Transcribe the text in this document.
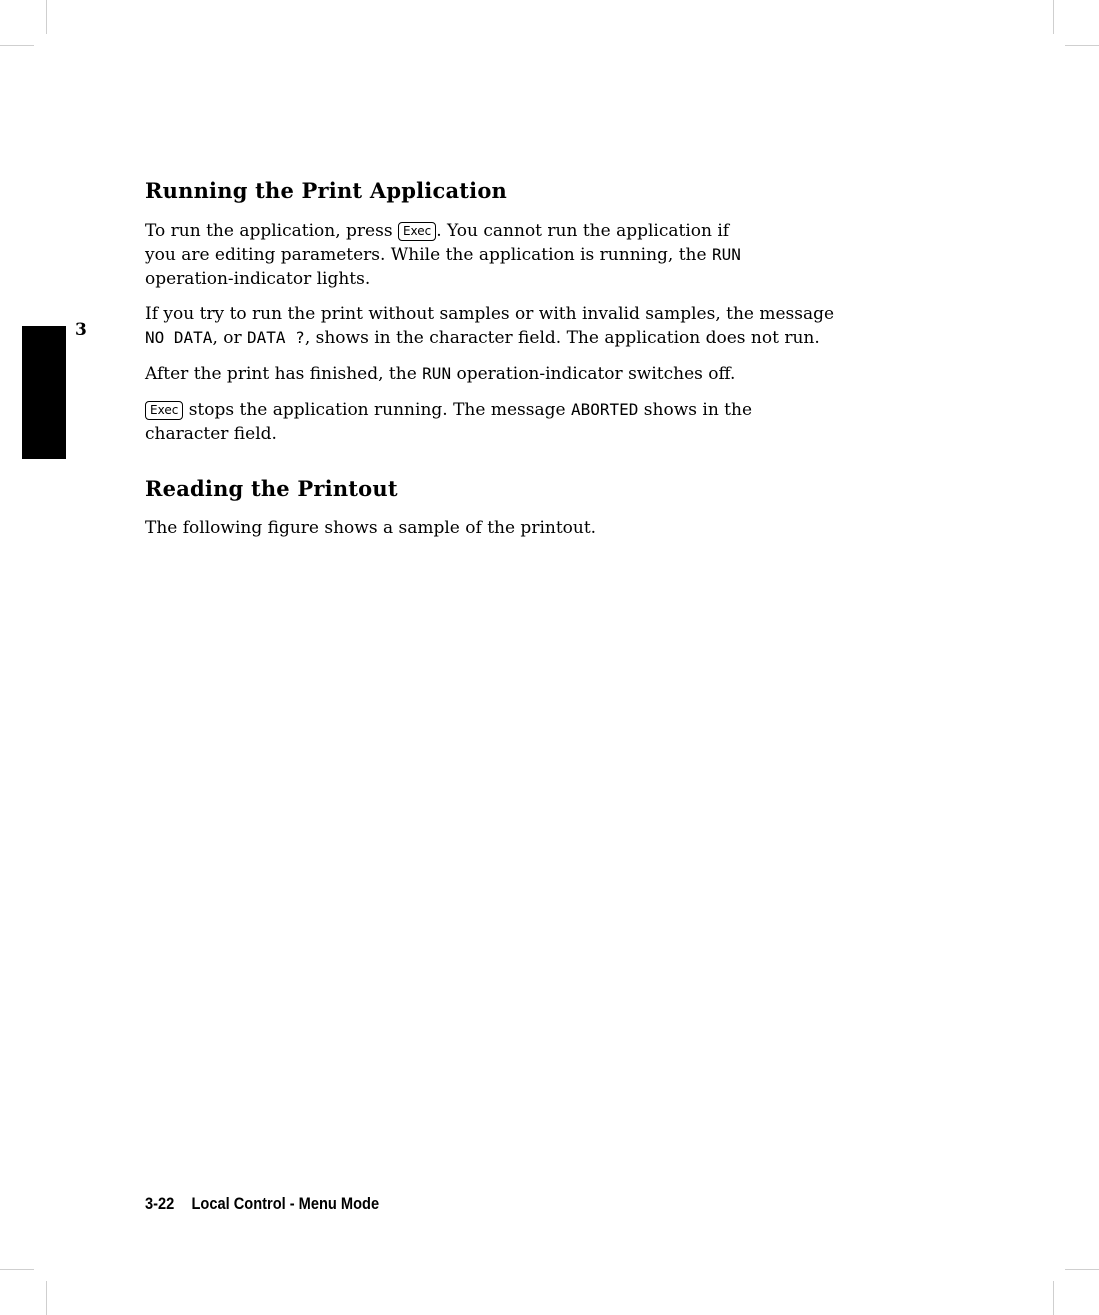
3
Running the Print Application

To run the application, press Exec . You cannot run the application if

you are editing parameters. While the application is running, the RUN

operation-indicator lights.

If you try to run the print without samples or with invalid samples, the message

NO DATA, or DATA ?, shows in the character field. The application does not run.

After the print has finished, the RUN operation-indicator switches off.

Exec stops the application running. The message ABORTED shows in the

character field.

Reading the Printout

The following figure shows a sample of the printout.

3-22 Local Control - Menu Mode
